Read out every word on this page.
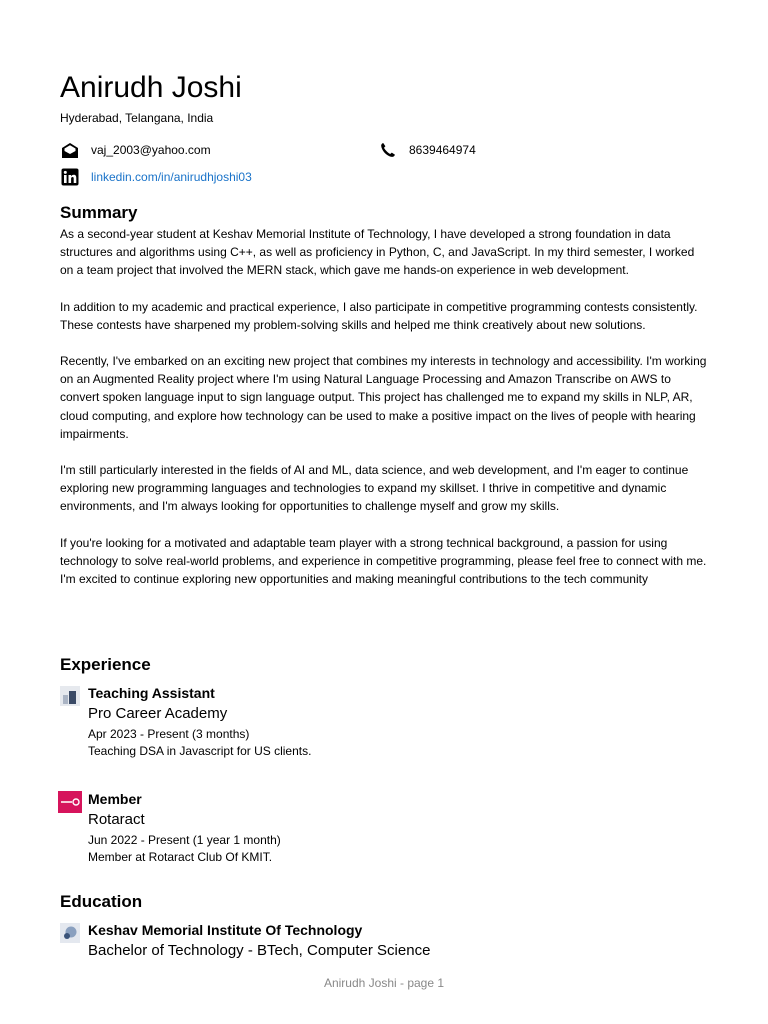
Anirudh Joshi
Hyderabad, Telangana, India
vaj_2003@yahoo.com	8639464974
linkedin.com/in/anirudhjoshi03
Summary

As a second-year student at Keshav Memorial Institute of Technology, I have developed a strong foundation in data structures and algorithms using C++, as well as proficiency in Python, C, and JavaScript. In my third semester, I worked on a team project that involved the MERN stack, which gave me hands-on experience in web development.

In addition to my academic and practical experience, I also participate in competitive programming contests consistently. These contests have sharpened my problem-solving skills and helped me think creatively about new solutions.

Recently, I've embarked on an exciting new project that combines my interests in technology and accessibility. I'm working on an Augmented Reality project where I'm using Natural Language Processing and Amazon Transcribe on AWS to convert spoken language input to sign language output. This project has challenged me to expand my skills in NLP, AR, cloud computing, and explore how technology can be used to make a positive impact on the lives of people with hearing impairments.

I'm still particularly interested in the fields of AI and ML, data science, and web development, and I'm eager to continue exploring new programming languages and technologies to expand my skillset. I thrive in competitive and dynamic environments, and I'm always looking for opportunities to challenge myself and grow my skills.

If you're looking for a motivated and adaptable team player with a strong technical background, a passion for using technology to solve real-world problems, and experience in competitive programming, please feel free to connect with me. I'm excited to continue exploring new opportunities and making meaningful contributions to the tech community

Experience
Teaching Assistant
Pro Career Academy
Apr 2023 - Present (3 months)
Teaching DSA in Javascript for US clients.
Member
Rotaract
Jun 2022 - Present (1 year 1 month)
Member at Rotaract Club Of KMIT.
Education
Keshav Memorial Institute Of Technology
Bachelor of Technology - BTech, Computer Science
Anirudh Joshi - page 1
